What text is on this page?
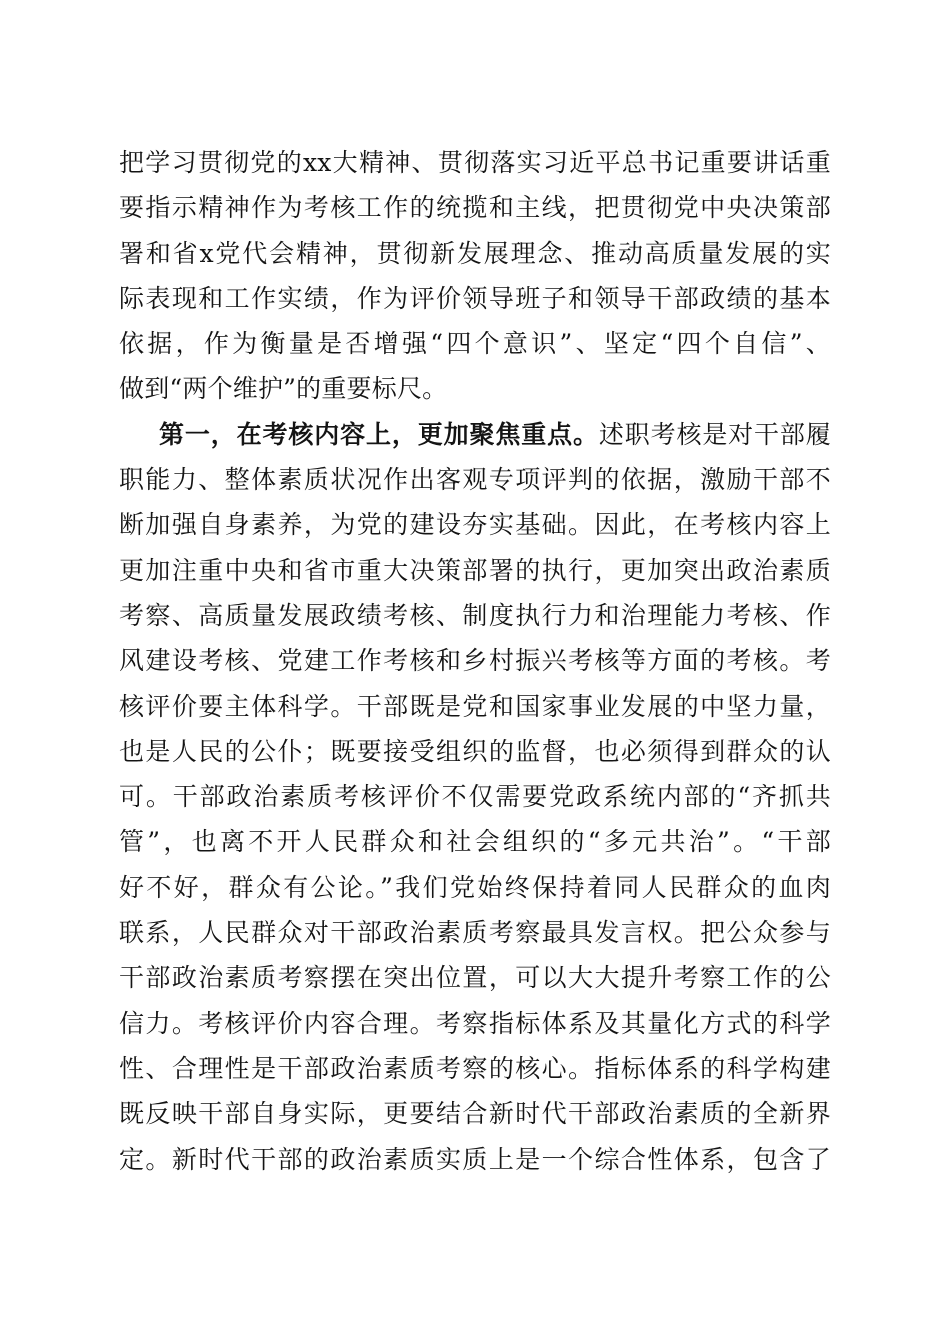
把学习贯彻党的xx大精神、贯彻落实习近平总书记重要讲话重
要指示精神作为考核工作的统揽和主线，把贯彻党中央决策部
署和省x党代会精神，贯彻新发展理念、推动高质量发展的实
际表现和工作实绩，作为评价领导班子和领导干部政绩的基本
依据，作为衡量是否增强“四个意识”、坚定“四个自信”、
做到“两个维护”的重要标尺。
第一，在考核内容上，更加聚焦重点。述职考核是对干部履
职能力、整体素质状况作出客观专项评判的依据，激励干部不
断加强自身素养，为党的建设夯实基础。因此，在考核内容上
更加注重中央和省市重大决策部署的执行，更加突出政治素质
考察、高质量发展政绩考核、制度执行力和治理能力考核、作
风建设考核、党建工作考核和乡村振兴考核等方面的考核。考
核评价要主体科学。干部既是党和国家事业发展的中坚力量，
也是人民的公仆；既要接受组织的监督，也必须得到群众的认
可。干部政治素质考核评价不仅需要党政系统内部的“齐抓共
管”，也离不开人民群众和社会组织的“多元共治”。“干部
好不好，群众有公论。”我们党始终保持着同人民群众的血肉
联系，人民群众对干部政治素质考察最具发言权。把公众参与
干部政治素质考察摆在突出位置，可以大大提升考察工作的公
信力。考核评价内容合理。考察指标体系及其量化方式的科学
性、合理性是干部政治素质考察的核心。指标体系的科学构建
既反映干部自身实际，更要结合新时代干部政治素质的全新界
定。新时代干部的政治素质实质上是一个综合性体系，包含了
